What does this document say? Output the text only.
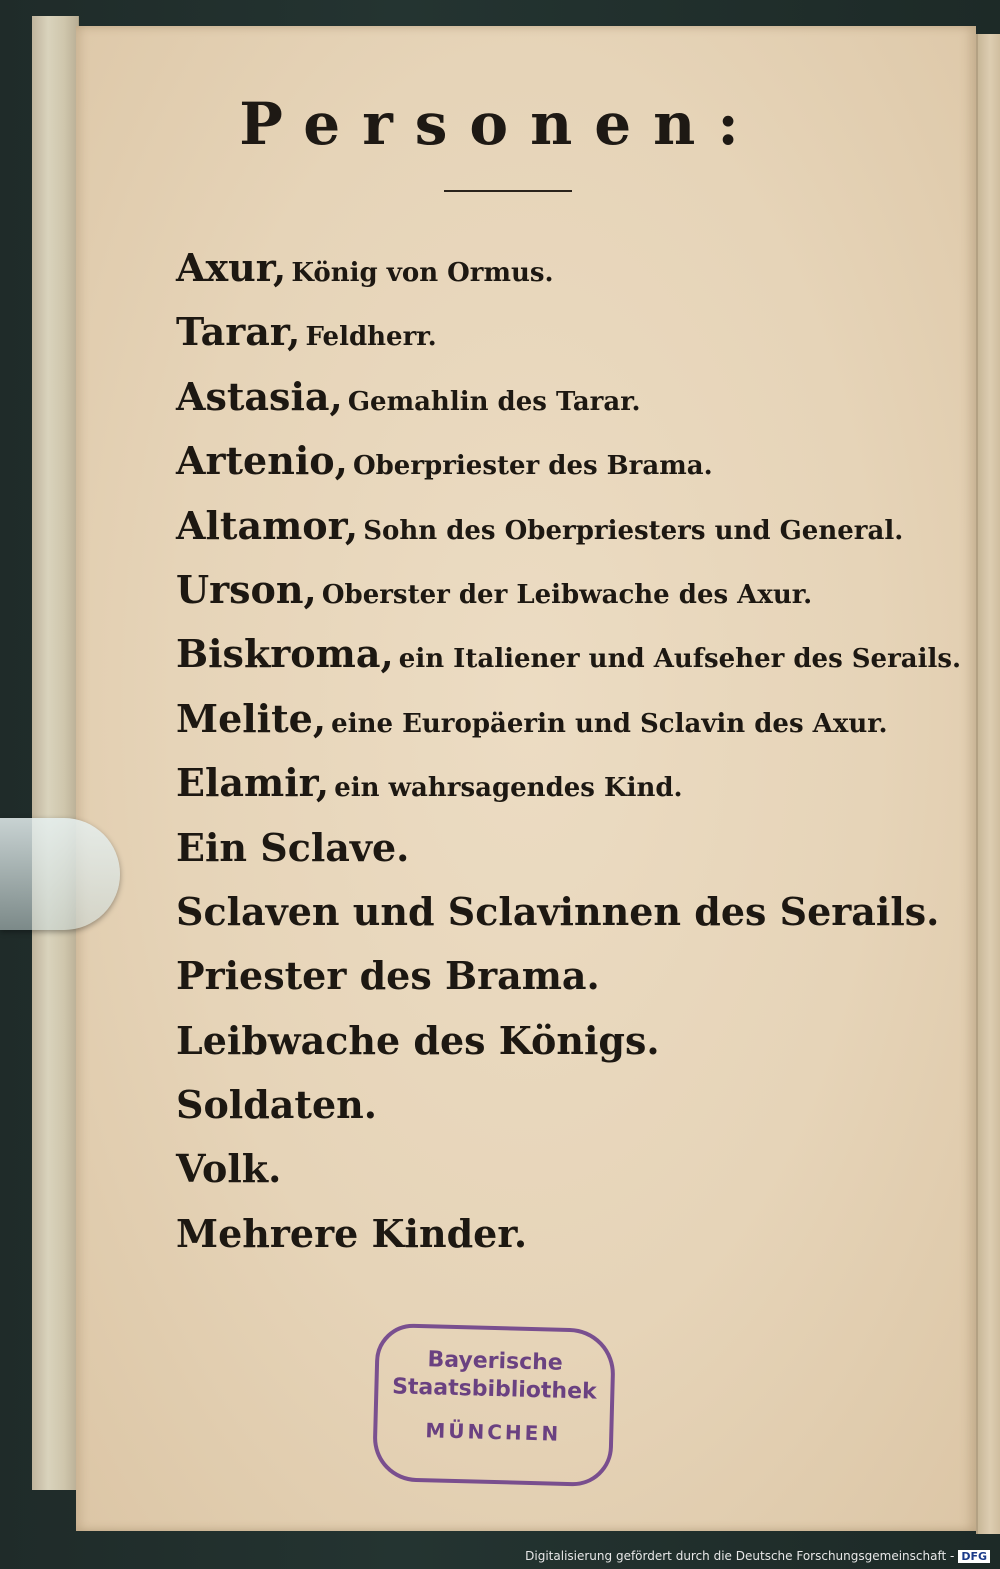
Personen:
Axur, König von Ormus.
Tarar, Feldherr.
Astasia, Gemahlin des Tarar.
Artenio, Oberpriester des Brama.
Altamor, Sohn des Oberpriesters und General.
Urson, Oberster der Leibwache des Axur.
Biskroma, ein Italiener und Aufseher des Serails.
Melite, eine Europäerin und Sclavin des Axur.
Elamir, ein wahrsagendes Kind.
Ein Sclave.
Sclaven und Sclavinnen des Serails.
Priester des Brama.
Leibwache des Königs.
Soldaten.
Volk.
Mehrere Kinder.
Bayerische
Staatsbibliothek
MÜNCHEN
Digitalisierung gefördert durch die Deutsche Forschungsgemeinschaft - DFG
